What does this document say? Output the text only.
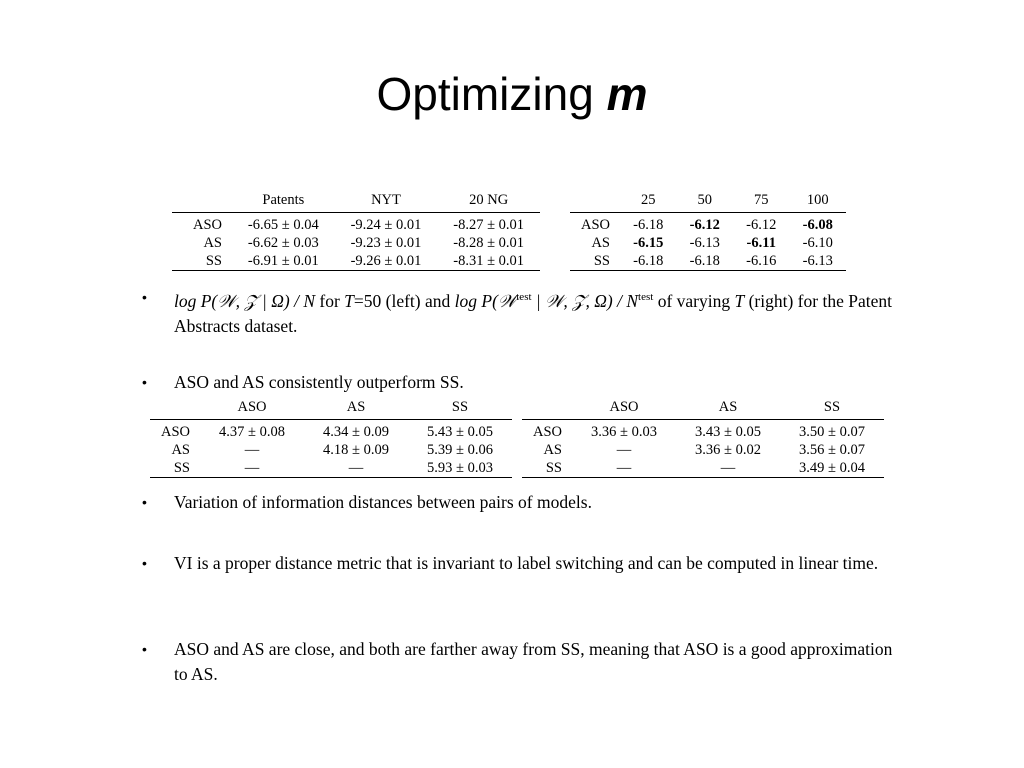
Optimizing m
	Patents	NYT	20 NG
ASO	-6.65 ± 0.04	-9.24 ± 0.01	-8.27 ± 0.01
AS	-6.62 ± 0.03	-9.23 ± 0.01	-8.28 ± 0.01
SS	-6.91 ± 0.01	-9.26 ± 0.01	-8.31 ± 0.01
	25	50	75	100
ASO	-6.18	-6.12	-6.12	-6.08
AS	-6.15	-6.13	-6.11	-6.10
SS	-6.18	-6.18	-6.16	-6.13
• log P(𝒲, 𝒵 | Ω) / N for T=50 (left) and log P(𝒲$^{test}$ | 𝒲, 𝒵, $\Omega) / N^{test}$ of varying T (right) for the Patent Abstracts dataset.
• ASO and AS consistently outperform SS.
	ASO	AS	SS
ASO	4.37 ± 0.08	4.34 ± 0.09	5.43 ± 0.05
AS	—	4.18 ± 0.09	5.39 ± 0.06
SS	—	—	5.93 ± 0.03
	ASO	AS	SS
ASO	3.36 ± 0.03	3.43 ± 0.05	3.50 ± 0.07
AS	—	3.36 ± 0.02	3.56 ± 0.07
SS	—	—	3.49 ± 0.04
• Variation of information distances between pairs of models.
• VI is a proper distance metric that is invariant to label switching and can be computed in linear time.
• ASO and AS are close, and both are farther away from SS, meaning that ASO is a good approximation to AS.
